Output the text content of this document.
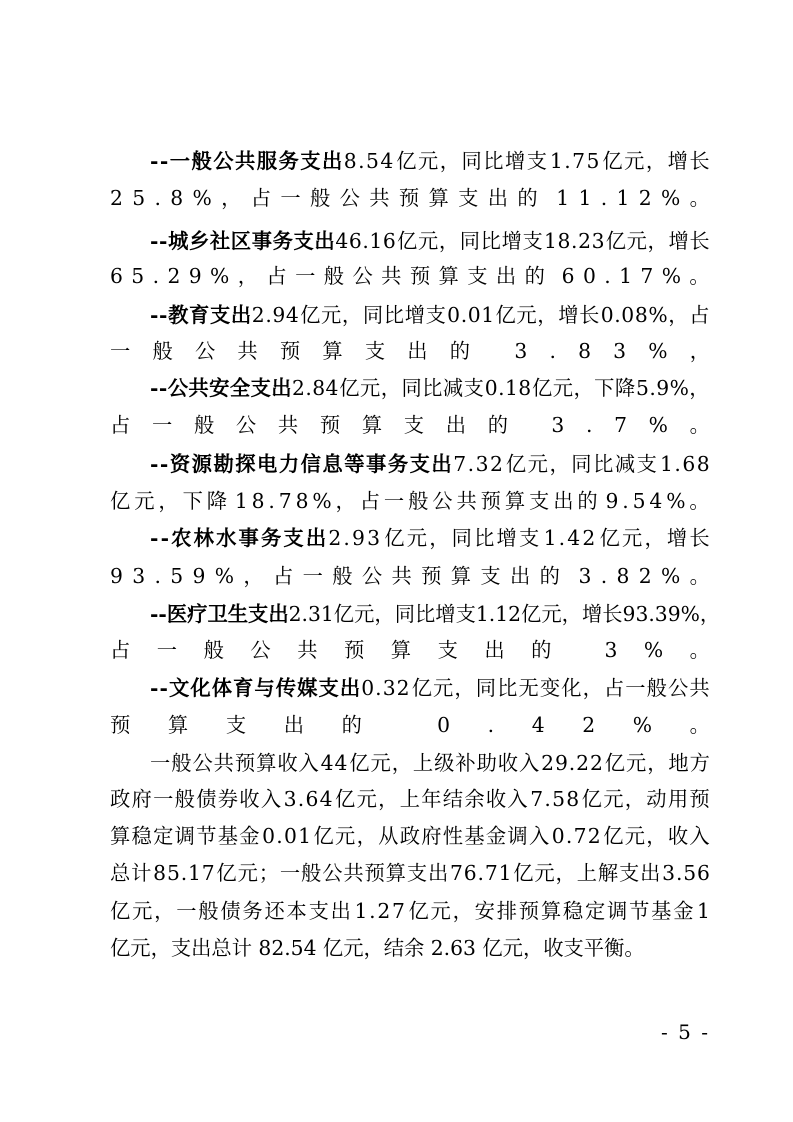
- - 一 般 公 共 服 务 支 出 8 . 5 4 亿 元 ， 同 比 增 支 1 . 7 5 亿 元 ， 增 长
2 5 . 8 % ， 占 一 般 公 共 预 算 支 出 的 1 1 . 1 2 % 。
- - 城 乡 社 区 事 务 支 出 4 6 . 1 6 亿 元 ， 同 比 增 支 1 8 . 2 3 亿 元 ， 增 长
6 5 . 2 9 % ， 占 一 般 公 共 预 算 支 出 的 6 0 . 1 7 % 。
- - 教 育 支 出 2 . 9 4 亿 元 ， 同 比 增 支 0 . 0 1 亿 元 ， 增 长 0 . 0 8 % ， 占
一 般 公 共 预 算 支 出 的 3 . 8 3 % ，
- - 公 共 安 全 支 出 2 . 8 4 亿 元 ， 同 比 减 支 0 . 1 8 亿 元 ， 下 降 5 . 9 % ，
占 一 般 公 共 预 算 支 出 的 3 . 7 % 。
- - 资 源 勘 探 电 力 信 息 等 事 务 支 出 7 . 3 2 亿 元 ， 同 比 减 支 1 . 6 8
亿 元 ， 下 降 1 8 . 7 8 % ， 占 一 般 公 共 预 算 支 出 的 9 . 5 4 % 。
- - 农 林 水 事 务 支 出 2 . 9 3 亿 元 ， 同 比 增 支 1 . 4 2 亿 元 ， 增 长
9 3 . 5 9 % ， 占 一 般 公 共 预 算 支 出 的 3 . 8 2 % 。
- - 医 疗 卫 生 支 出 2 . 3 1 亿 元 ， 同 比 增 支 1 . 1 2 亿 元 ， 增 长 9 3 . 3 9 % ，
占 一 般 公 共 预 算 支 出 的	3 % 。
- - 文 化 体 育 与 传 媒 支 出 0 . 3 2 亿 元 ， 同 比 无 变 化 ， 占 一 般 公 共
预 算 支 出 的	0 . 4 2 % 。
一 般 公 共 预 算 收 入 4 4 亿 元 ， 上 级 补 助 收 入 2 9 . 2 2 亿 元 ， 地 方
政 府 一 般 债 券 收 入 3 . 6 4 亿 元 ， 上 年 结 余 收 入 7 . 5 8 亿 元 ， 动 用 预
算 稳 定 调 节 基 金 0 . 0 1 亿 元 ， 从 政 府 性 基 金 调 入 0 . 7 2 亿 元 ， 收 入
总 计 8 5 . 1 7 亿 元 ； 一 般 公 共 预 算 支 出 7 6 . 7 1 亿 元 ， 上 解 支 出 3 . 5 6
亿 元 ， 一 般 债 务 还 本 支 出 1 . 2 7 亿 元 ， 安 排 预 算 稳 定 调 节 基 金 1
亿元，支出总计 82.54 亿元，结余 2.63 亿元，收支平衡。
- 5 -
